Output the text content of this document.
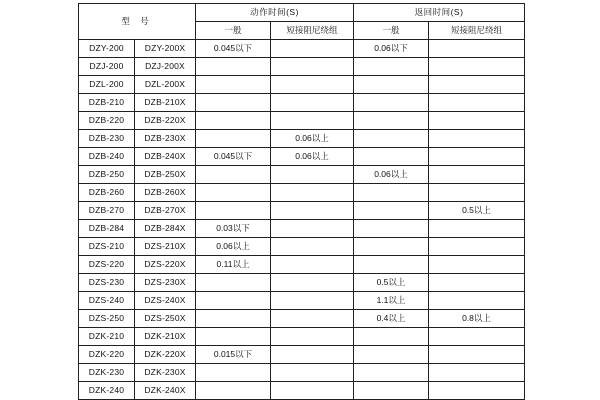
型 号		动作时间(S)		返回时间(S)	
		一般	短接阻尼绕组	一般	短接阻尼绕组
DZY-200	DZY-200X	0.045以下		0.06以下	
DZJ-200	DZJ-200X				
DZL-200	DZL-200X				
DZB-210	DZB-210X				
DZB-220	DZB-220X				
DZB-230	DZB-230X		0.06以上		
DZB-240	DZB-240X	0.045以下	0.06以上		
DZB-250	DZB-250X			0.06以上	
DZB-260	DZB-260X				
DZB-270	DZB-270X				0.5以上
DZB-284	DZB-284X	0.03以下			
DZS-210	DZS-210X	0.06以上			
DZS-220	DZS-220X	0.11以上			
DZS-230	DZS-230X			0.5以上	
DZS-240	DZS-240X			1.1以上	
DZS-250	DZS-250X			0.4以上	0.8以上
DZK-210	DZK-210X				
DZK-220	DZK-220X	0.015以下			
DZK-230	DZK-230X				
DZK-240	DZK-240X				
